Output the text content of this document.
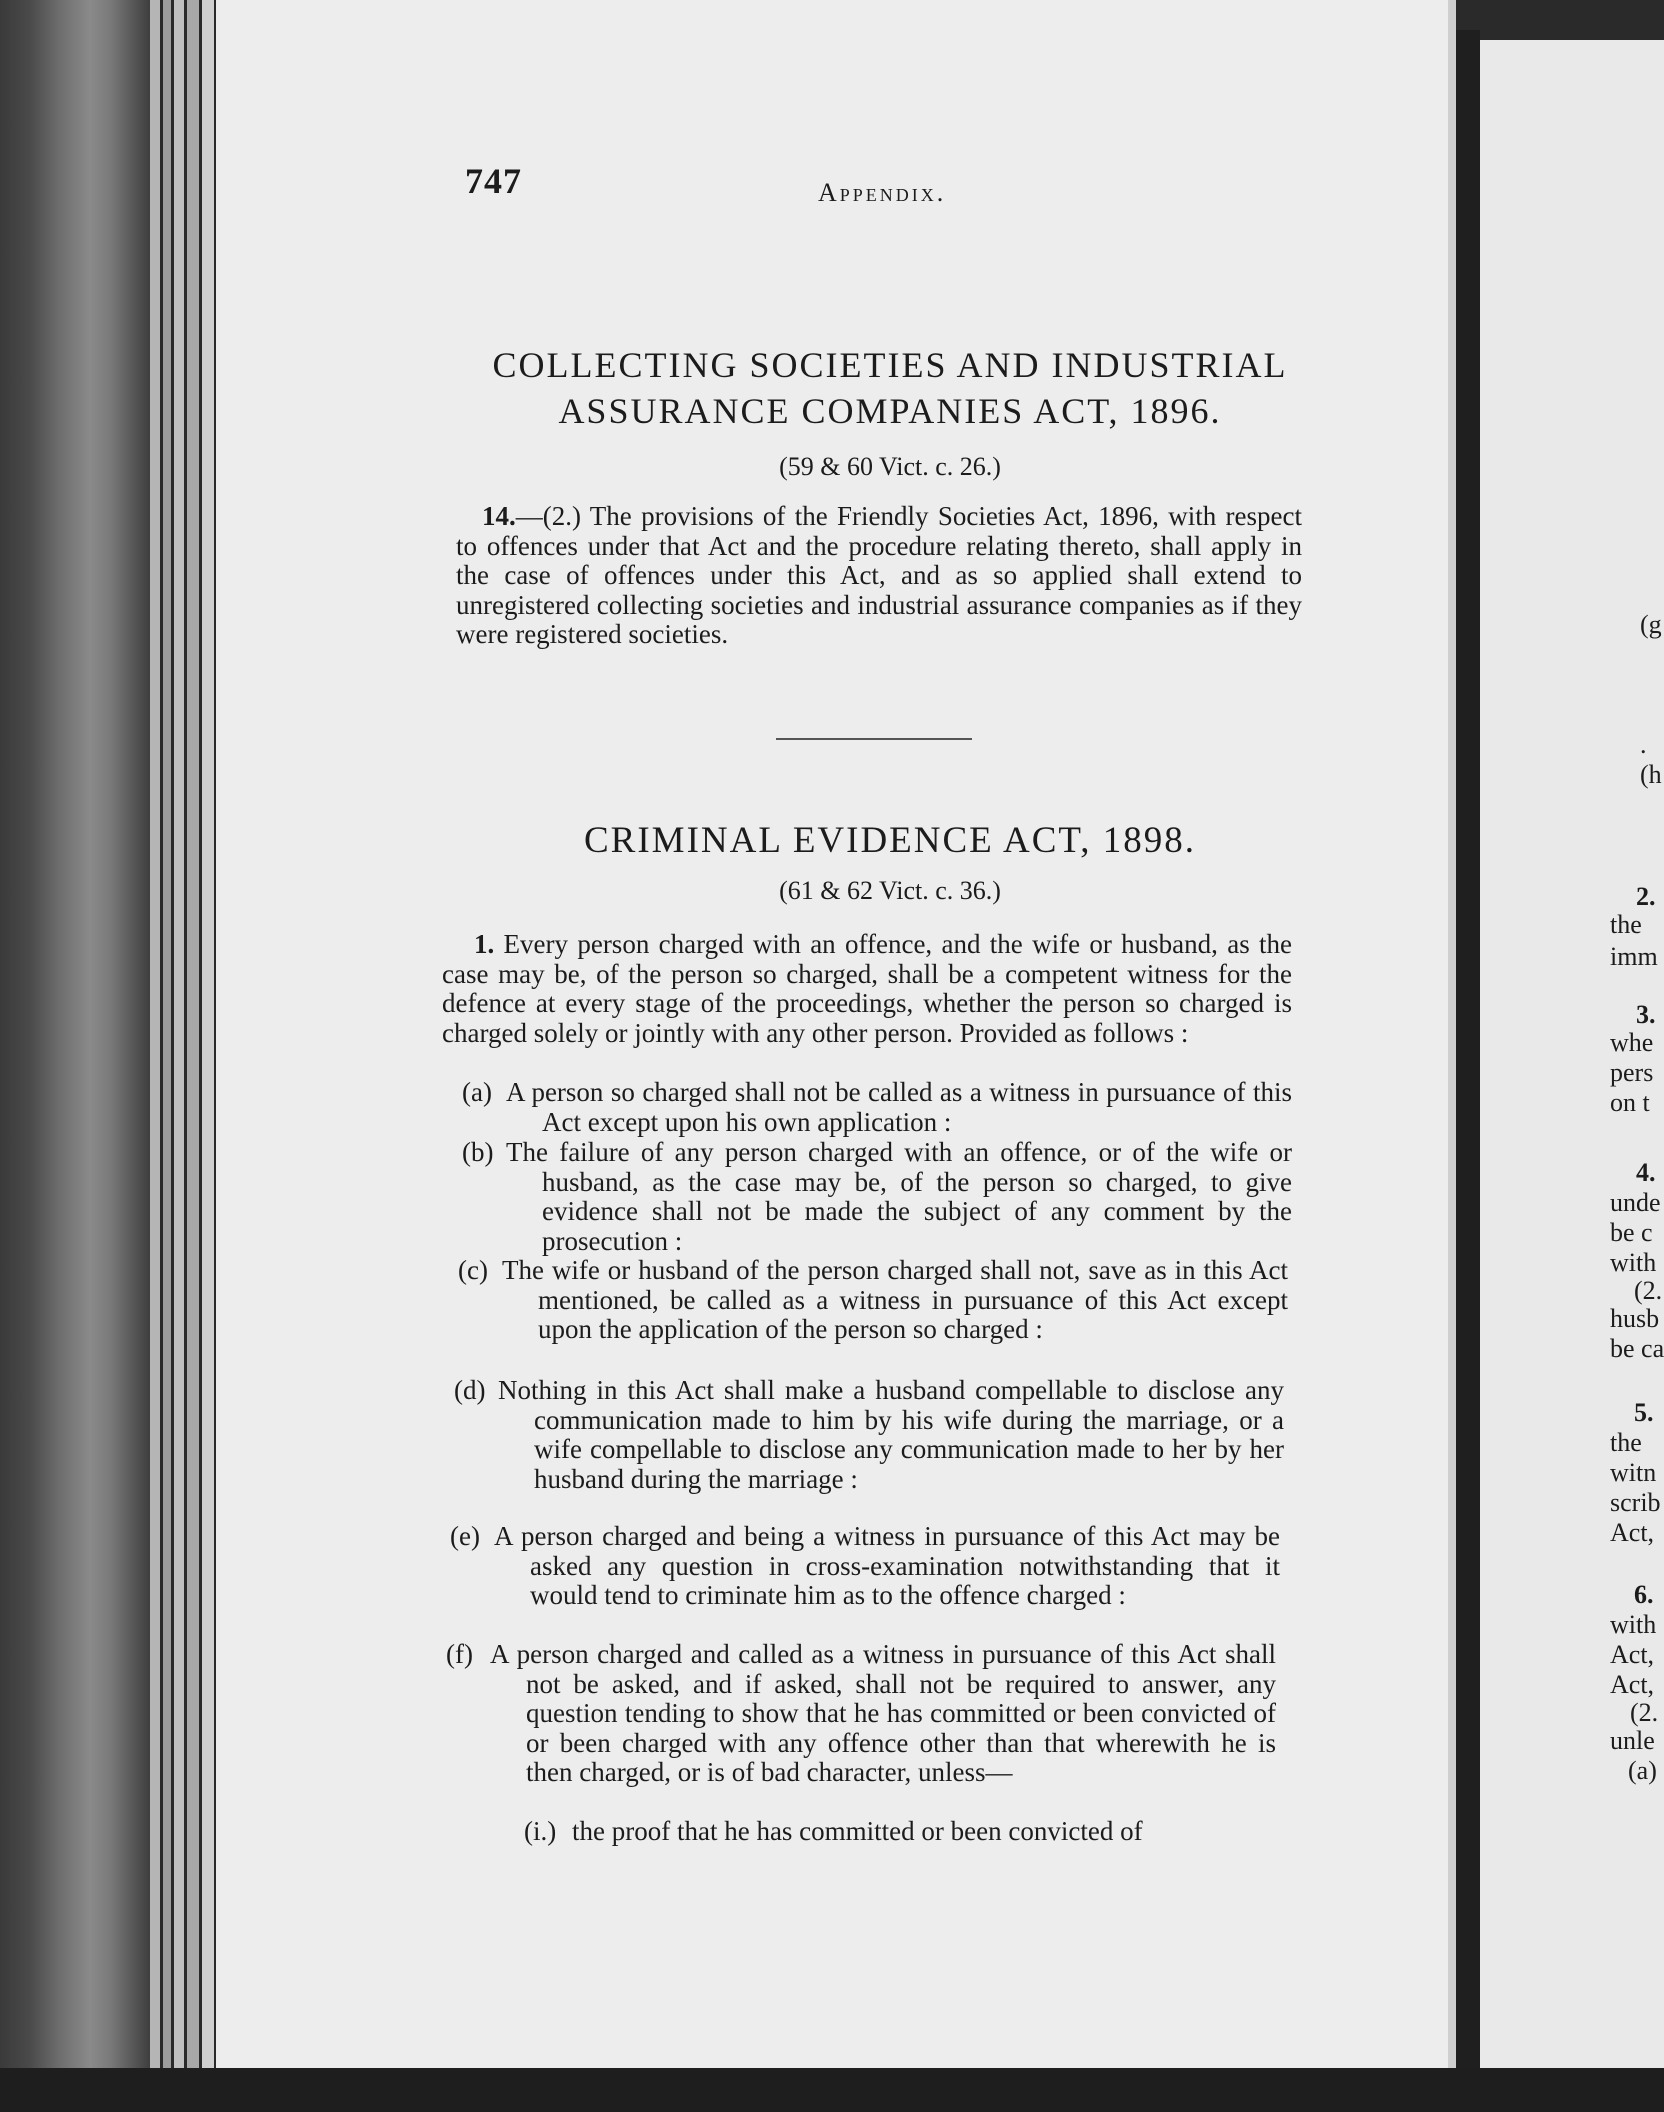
747	Appendix.
COLLECTING SOCIETIES AND INDUSTRIAL
ASSURANCE COMPANIES ACT, 1896.
(59 & 60 Vict. c. 26.)

14.—(2.) The provisions of the Friendly Societies Act, 1896, with respect to offences under that Act and the procedure relating thereto, shall apply in the case of offences under this Act, and as so applied shall extend to unregistered collecting societies and industrial assurance companies as if they were registered societies.

CRIMINAL EVIDENCE ACT, 1898.
(61 & 62 Vict. c. 36.)

1. Every person charged with an offence, and the wife or husband, as the case may be, of the person so charged, shall be a competent witness for the defence at every stage of the proceedings, whether the person so charged is charged solely or jointly with any other person. Provided as follows :

(a) A person so charged shall not be called as a witness in pursuance of this Act except upon his own application :
(b) The failure of any person charged with an offence, or of the wife or husband, as the case may be, of the person so charged, to give evidence shall not be made the subject of any comment by the prosecution :
(c) The wife or husband of the person charged shall not, save as in this Act mentioned, be called as a witness in pursuance of this Act except upon the application of the person so charged :
(d) Nothing in this Act shall make a husband compellable to disclose any communication made to him by his wife during the marriage, or a wife compellable to disclose any communication made to her by her husband during the marriage :
(e) A person charged and being a witness in pursuance of this Act may be asked any question in cross-examination notwithstanding that it would tend to criminate him as to the offence charged :
(f) A person charged and called as a witness in pursuance of this Act shall not be asked, and if asked, shall not be required to answer, any question tending to show that he has committed or been convicted of or been charged with any offence other than that wherewith he is then charged, or is of bad character, unless—
(i.) the proof that he has committed or been convicted of
(g
.
(h
2.
the
imm
3.
whe
pers
on t
4.
unde
be c
with
(2.
husb
be ca
5.
the
witn
scrib
Act,
6.
with
Act,
Act,
(2.
unle
(a)
